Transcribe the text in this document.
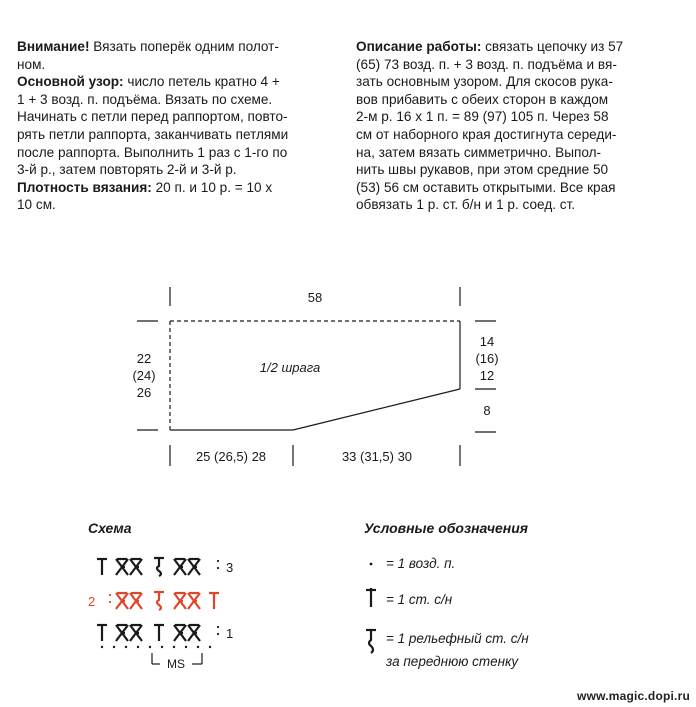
Внимание! Вязать поперёк одним полот-
ном.

Основной узор: число петель кратно 4 +
1 + 3 возд. п. подъёма. Вязать по схеме.
Начинать с петли перед раппортом, повто-
рять петли раппорта, заканчивать петлями
после раппорта. Выполнить 1 раз с 1-го по
3-й р., затем повторять 2-й и 3-й р.

Плотность вязания: 20 п. и 10 р. = 10 х
10 см.

Описание работы: связать цепочку из 57
(65) 73 возд. п. + 3 возд. п. подъёма и вя-
зать основным узором. Для скосов рука-
вов прибавить с обеих сторон в каждом
2-м р. 16 х 1 п. = 89 (97) 105 п. Через 58
см от наборного края достигнута середи-
на, затем вязать симметрично. Выпол-
нить швы рукавов, при этом средние 50
(53) 56 см оставить открытыми. Все края
обвязать 1 р. ст. б/н и 1 р. соед. ст.

58
1/2 шрага
22
(24)
26
14
(16)
12
8
25 (26,5) 28	33 (31,5) 30
Схема
3
2
1
MS
Условные обозначения
= 1 возд. п.
= 1 ст. с/н
= 1 рельефный ст. с/н
за переднюю стенку
www.magic.dopi.ru
